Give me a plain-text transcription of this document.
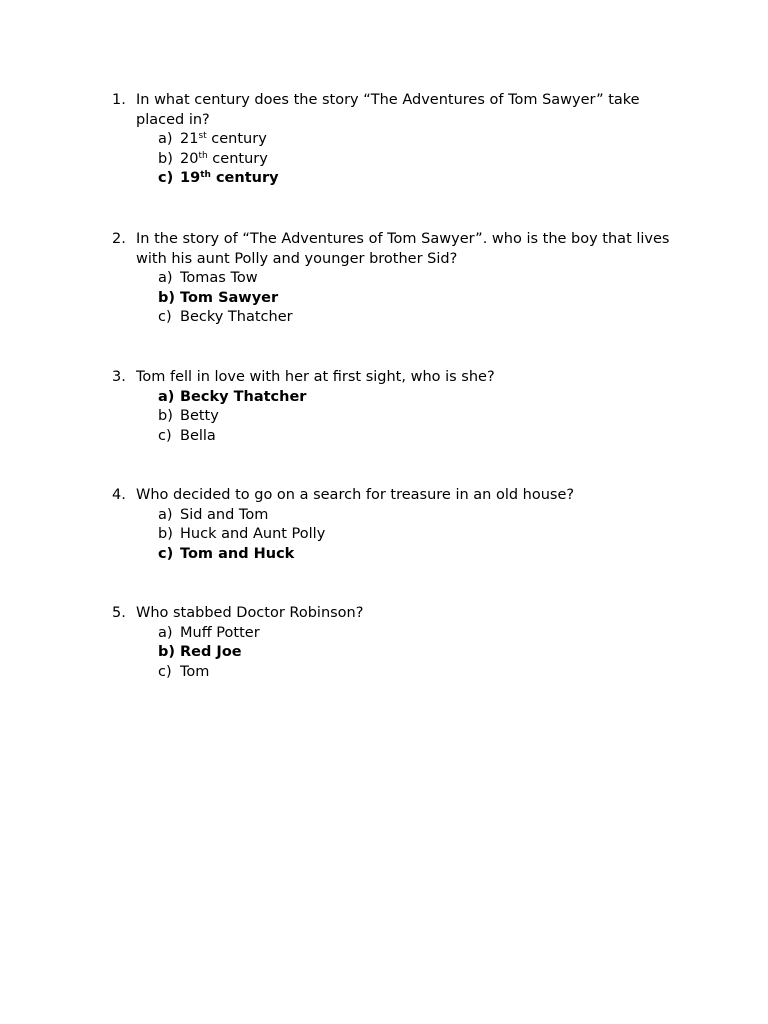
1. In what century does the story “The Adventures of Tom Sawyer” take placed in?
a) 21st century
b) 20th century
c) 19th century
2. In the story of “The Adventures of Tom Sawyer”. who is the boy that lives with his aunt Polly and younger brother Sid?
a) Tomas Tow
b) Tom Sawyer
c) Becky Thatcher
3. Tom fell in love with her at first sight, who is she?
a) Becky Thatcher
b) Betty
c) Bella
4. Who decided to go on a search for treasure in an old house?
a) Sid and Tom
b) Huck and Aunt Polly
c) Tom and Huck
5. Who stabbed Doctor Robinson?
a) Muff Potter
b) Red Joe
c) Tom
